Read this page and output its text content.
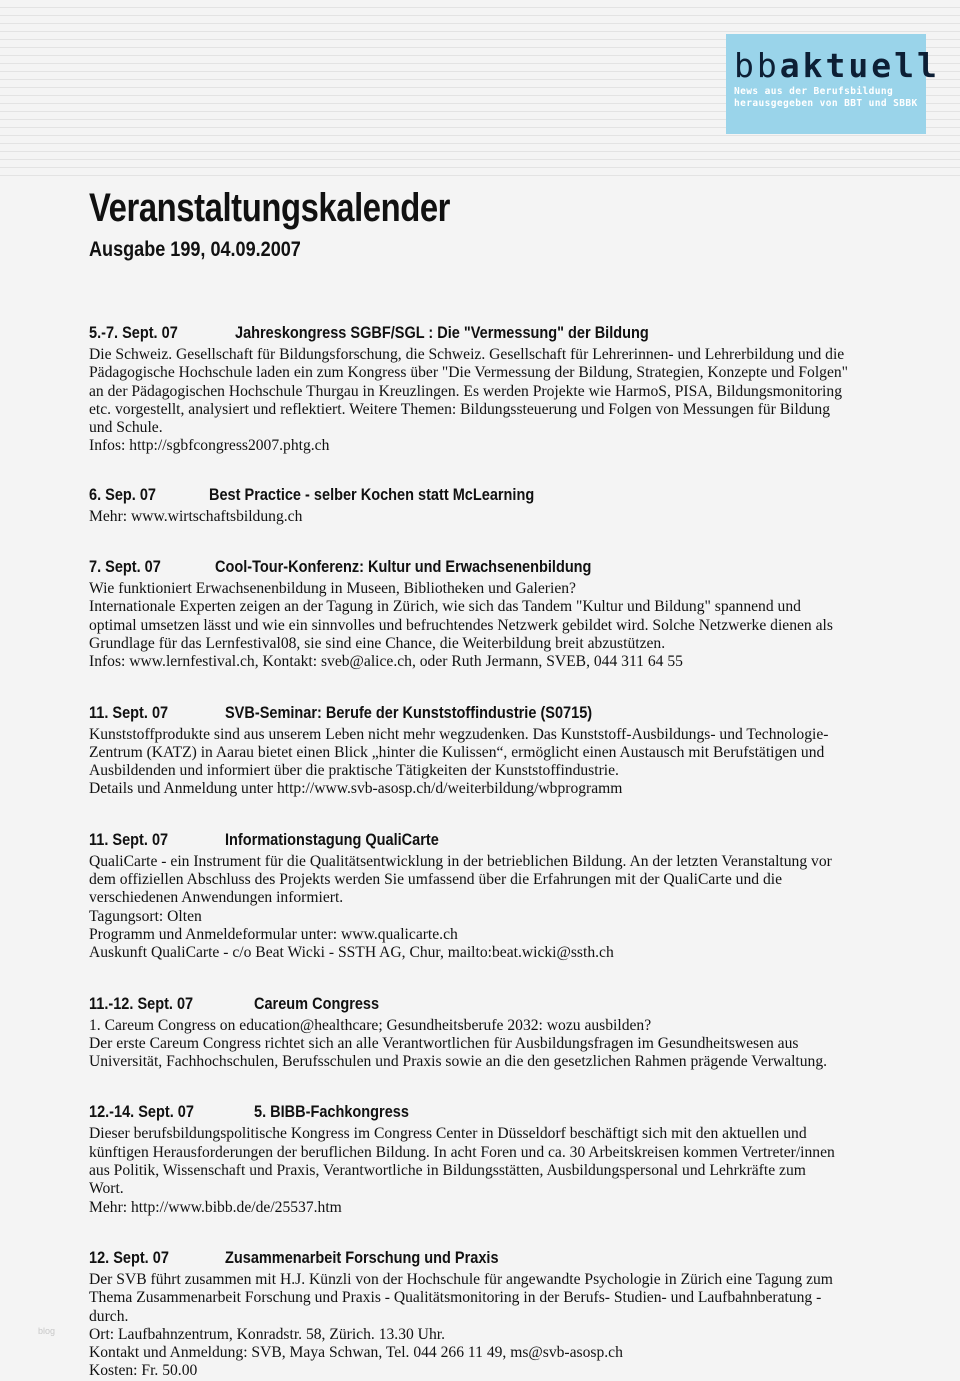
bbaktuell
News aus der Berufsbildung
herausgegeben von BBT und SBBK
Veranstaltungskalender
Ausgabe 199, 04.09.2007
5.-7. Sept. 07	Jahreskongress SGBF/SGL : Die "Vermessung" der Bildung
Die Schweiz. Gesellschaft für Bildungsforschung, die Schweiz. Gesellschaft für Lehrerinnen- und Lehrerbildung und die
Pädagogische Hochschule laden ein zum Kongress über "Die Vermessung der Bildung, Strategien, Konzepte und Folgen"
an der Pädagogischen Hochschule Thurgau in Kreuzlingen. Es werden Projekte wie HarmoS, PISA, Bildungsmonitoring
etc. vorgestellt, analysiert und reflektiert. Weitere Themen: Bildungssteuerung und Folgen von Messungen für Bildung
und Schule.
Infos: http://sgbfcongress2007.phtg.ch
6. Sep. 07	Best Practice - selber Kochen statt McLearning
Mehr: www.wirtschaftsbildung.ch
7. Sept. 07	Cool-Tour-Konferenz: Kultur und Erwachsenenbildung
Wie funktioniert Erwachsenenbildung in Museen, Bibliotheken und Galerien?
Internationale Experten zeigen an der Tagung in Zürich, wie sich das Tandem "Kultur und Bildung" spannend und
optimal umsetzen lässt und wie ein sinnvolles und befruchtendes Netzwerk gebildet wird. Solche Netzwerke dienen als
Grundlage für das Lernfestival08, sie sind eine Chance, die Weiterbildung breit abzustützen.
Infos: www.lernfestival.ch, Kontakt: sveb@alice.ch, oder Ruth Jermann, SVEB, 044 311 64 55
11. Sept. 07	SVB-Seminar: Berufe der Kunststoffindustrie (S0715)
Kunststoffprodukte sind aus unserem Leben nicht mehr wegzudenken. Das Kunststoff-Ausbildungs- und Technologie-
Zentrum (KATZ) in Aarau bietet einen Blick „hinter die Kulissen“, ermöglicht einen Austausch mit Berufstätigen und
Ausbildenden und informiert über die praktische Tätigkeiten der Kunststoffindustrie.
Details und Anmeldung unter http://www.svb-asosp.ch/d/weiterbildung/wbprogramm
11. Sept. 07	Informationstagung QualiCarte
QualiCarte - ein Instrument für die Qualitätsentwicklung in der betrieblichen Bildung. An der letzten Veranstaltung vor
dem offiziellen Abschluss des Projekts werden Sie umfassend über die Erfahrungen mit der QualiCarte und die
verschiedenen Anwendungen informiert.
Tagungsort: Olten
Programm und Anmeldeformular unter: www.qualicarte.ch
Auskunft QualiCarte - c/o Beat Wicki - SSTH AG, Chur, mailto:beat.wicki@ssth.ch
11.-12. Sept. 07	Careum Congress
1. Careum Congress on education@healthcare; Gesundheitsberufe 2032: wozu ausbilden?
Der erste Careum Congress richtet sich an alle Verantwortlichen für Ausbildungsfragen im Gesundheitswesen aus
Universität, Fachhochschulen, Berufsschulen und Praxis sowie an die den gesetzlichen Rahmen prägende Verwaltung.
12.-14. Sept. 07	5. BIBB-Fachkongress
Dieser berufsbildungspolitische Kongress im Congress Center in Düsseldorf beschäftigt sich mit den aktuellen und
künftigen Herausforderungen der beruflichen Bildung. In acht Foren und ca. 30 Arbeitskreisen kommen Vertreter/innen
aus Politik, Wissenschaft und Praxis, Verantwortliche in Bildungsstätten, Ausbildungspersonal und Lehrkräfte zum
Wort.
Mehr: http://www.bibb.de/de/25537.htm
12. Sept. 07	Zusammenarbeit Forschung und Praxis
Der SVB führt zusammen mit H.J. Künzli von der Hochschule für angewandte Psychologie in Zürich eine Tagung zum
Thema Zusammenarbeit Forschung und Praxis - Qualitätsmonitoring in der Berufs- Studien- und Laufbahnberatung -
durch.
Ort: Laufbahnzentrum, Konradstr. 58, Zürich. 13.30 Uhr.
Kontakt und Anmeldung: SVB, Maya Schwan, Tel. 044 266 11 49, ms@svb-asosp.ch
Kosten: Fr. 50.00
blog
